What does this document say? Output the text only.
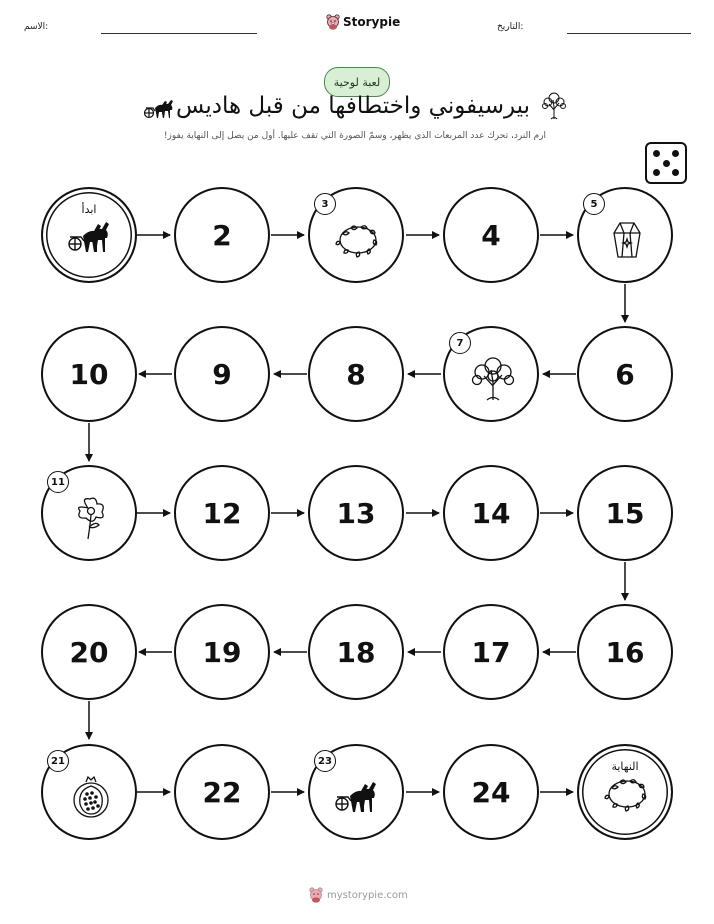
الاسم:	Storypie	التاريخ:
لعبة لوحية
بيرسيفوني واختطافها من قبل هاديس
ارم النرد، تحرك عدد المربعات الذي يظهر، وسمّ الصورة التي تقف عليها. أول من يصل إلى النهاية يفوز!
ابدأ
2
3
4
5
10	9	8
7
6
11
12	13	14	15
20	19	18	17	16
21
22
23
24
النهاية
mystorypie.com
